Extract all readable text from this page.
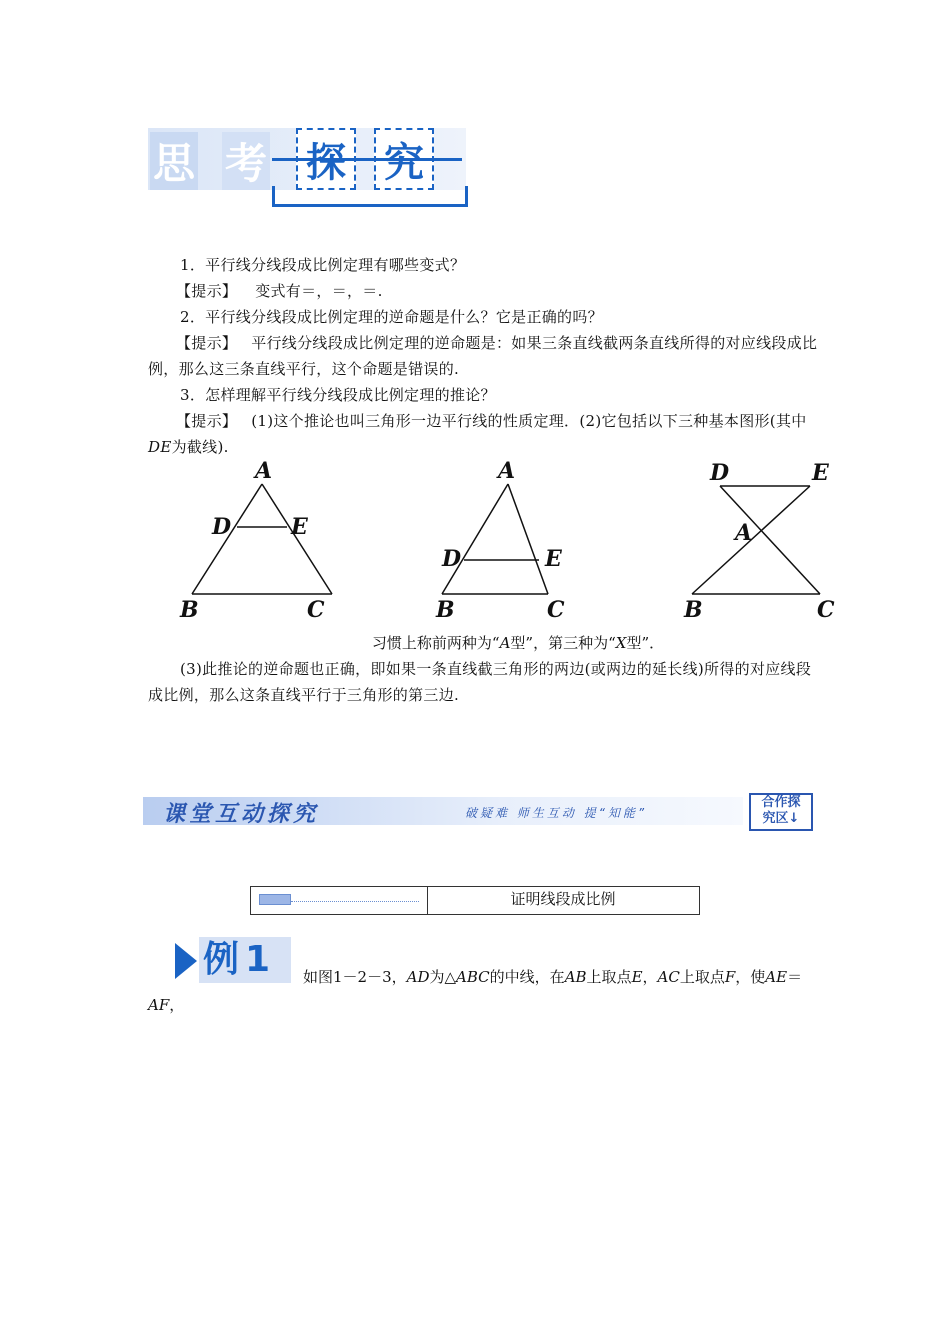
思 考 探 究
1．平行线分线段成比例定理有哪些变式？
【提示】 变式有＝，＝，＝.
2．平行线分线段成比例定理的逆命题是什么？它是正确的吗？
【提示】 平行线分线段成比例定理的逆命题是：如果三条直线截两条直线所得的对应线段成比例，那么这三条直线平行，这个命题是错误的.
3．怎样理解平行线分线段成比例定理的推论？
【提示】 (1)这个推论也叫三角形一边平行线的性质定理．(2)它包括以下三种基本图形(其中DE为截线).
A
D	E
B	C
A
D	E
B	C
D	E
A
B	C
习惯上称前两种为“A型”，第三种为“X型”．
(3)此推论的逆命题也正确，即如果一条直线截三角形的两边(或两边的延长线)所得的对应线段成比例，那么这条直线平行于三角形的第三边.
课堂互动探究	破疑难 师生互动 提“知能”
合作探
究区↓
证明线段成比例
例1	如图1－2－3，AD为△ABC的中线，在AB上取点E，AC上取点F，使AE＝AF，
